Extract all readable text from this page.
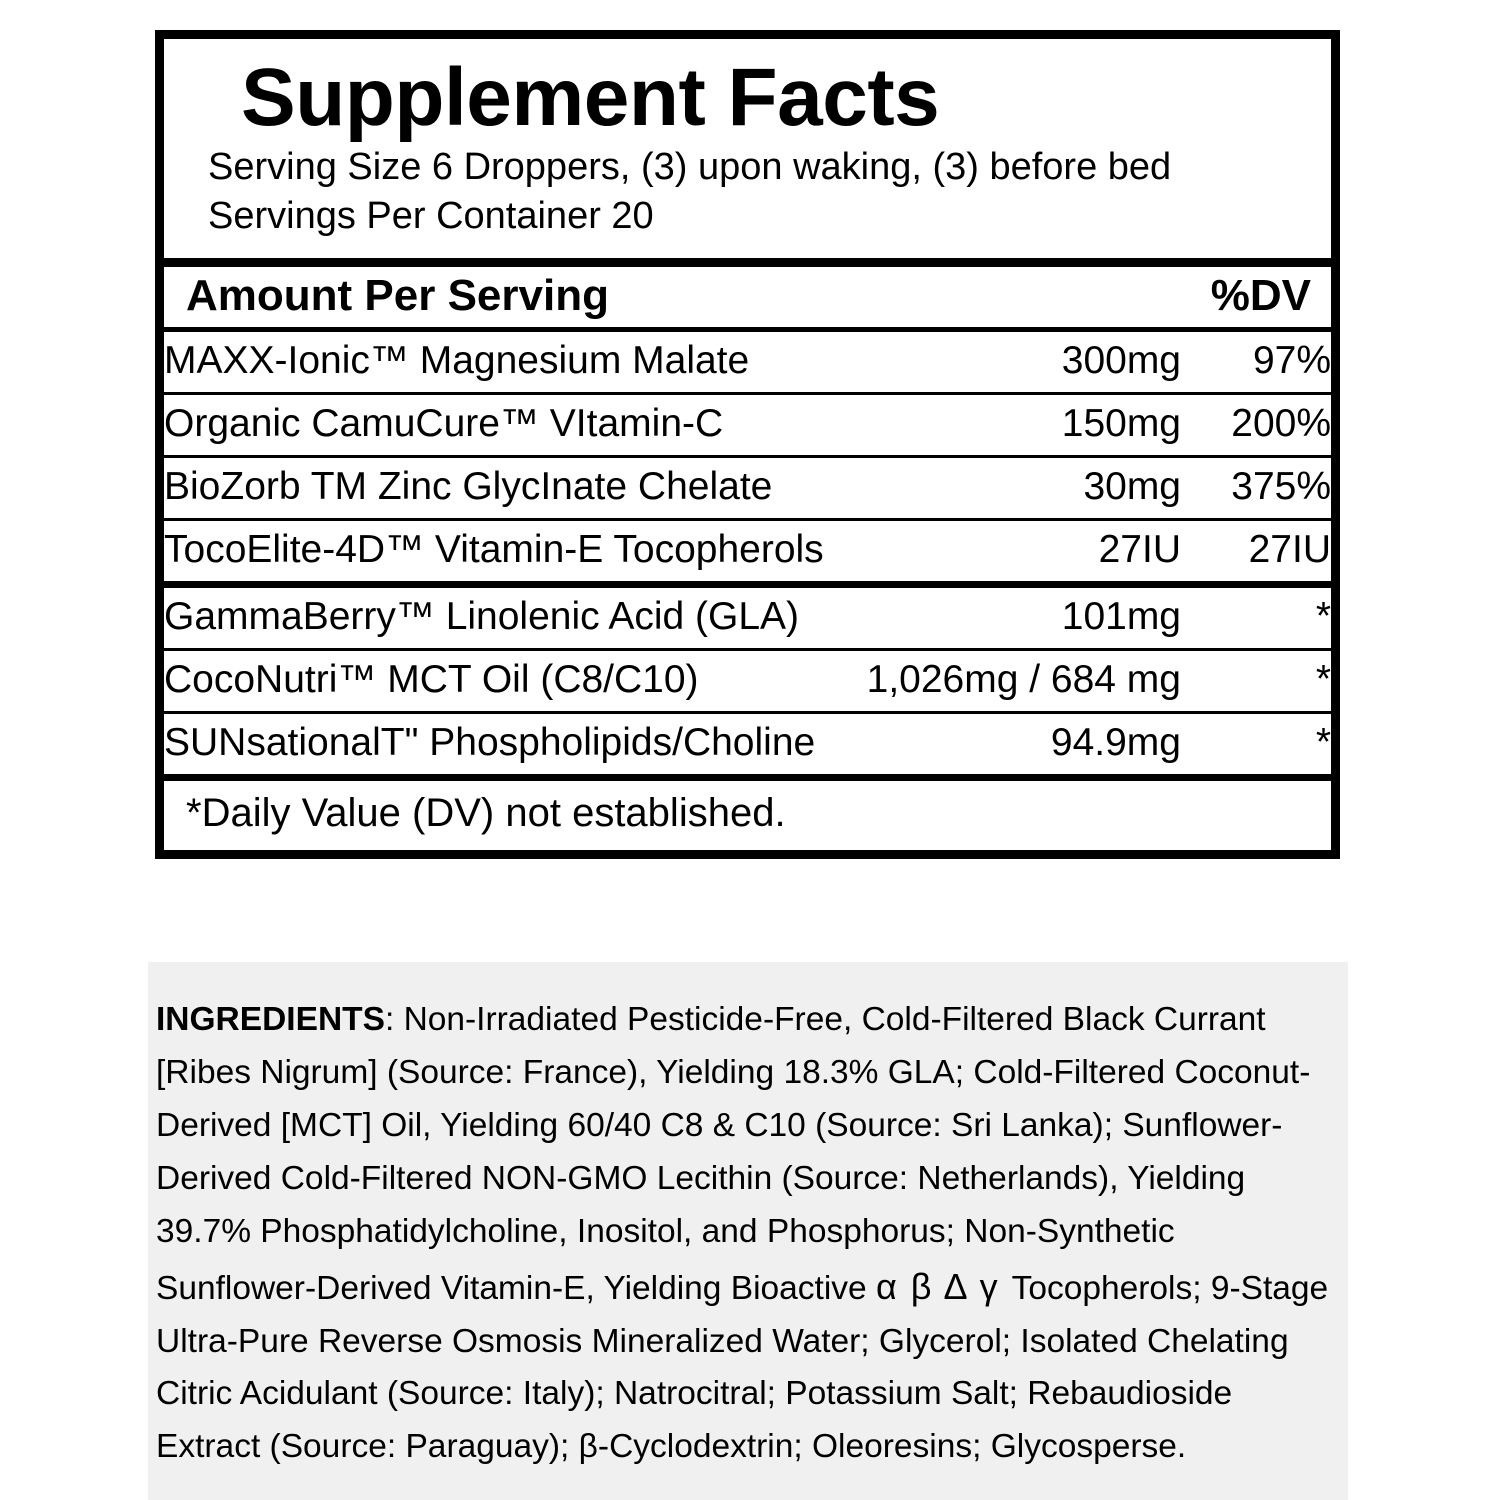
Supplement Facts
Serving Size 6 Droppers, (3) upon waking, (3) before bed
Servings Per Container 20
Amount Per Serving	%DV
MAXX-Ionic™ Magnesium Malate	300mg	97%
Organic CamuCure™ VItamin-C	150mg	200%
BioZorb TM Zinc GlycInate Chelate	30mg	375%
TocoElite-4D™ Vitamin-E Tocopherols	27IU	27IU
GammaBerry™ Linolenic Acid (GLA)	101mg	*
CocoNutri™ MCT Oil (C8/C10)	1,026mg / 684 mg	*
SUNsationalT" Phospholipids/Choline	94.9mg	*
*Daily Value (DV) not established.
INGREDIENTS: Non-Irradiated Pesticide-Free, Cold-Filtered Black Currant [Ribes Nigrum] (Source: France), Yielding 18.3% GLA; Cold-Filtered Coconut-Derived [MCT] Oil, Yielding 60/40 C8 & C10 (Source: Sri Lanka); Sunflower-Derived Cold-Filtered NON-GMO Lecithin (Source: Netherlands), Yielding 39.7% Phosphatidylcholine, Inositol, and Phosphorus; Non-Synthetic Sunflower-Derived Vitamin-E, Yielding Bioactive α β Δ γ Tocopherols; 9-Stage Ultra-Pure Reverse Osmosis Mineralized Water; Glycerol; Isolated Chelating Citric Acidulant (Source: Italy); Natrocitral; Potassium Salt; Rebaudioside Extract (Source: Paraguay); β-Cyclodextrin; Oleoresins; Glycosperse.
